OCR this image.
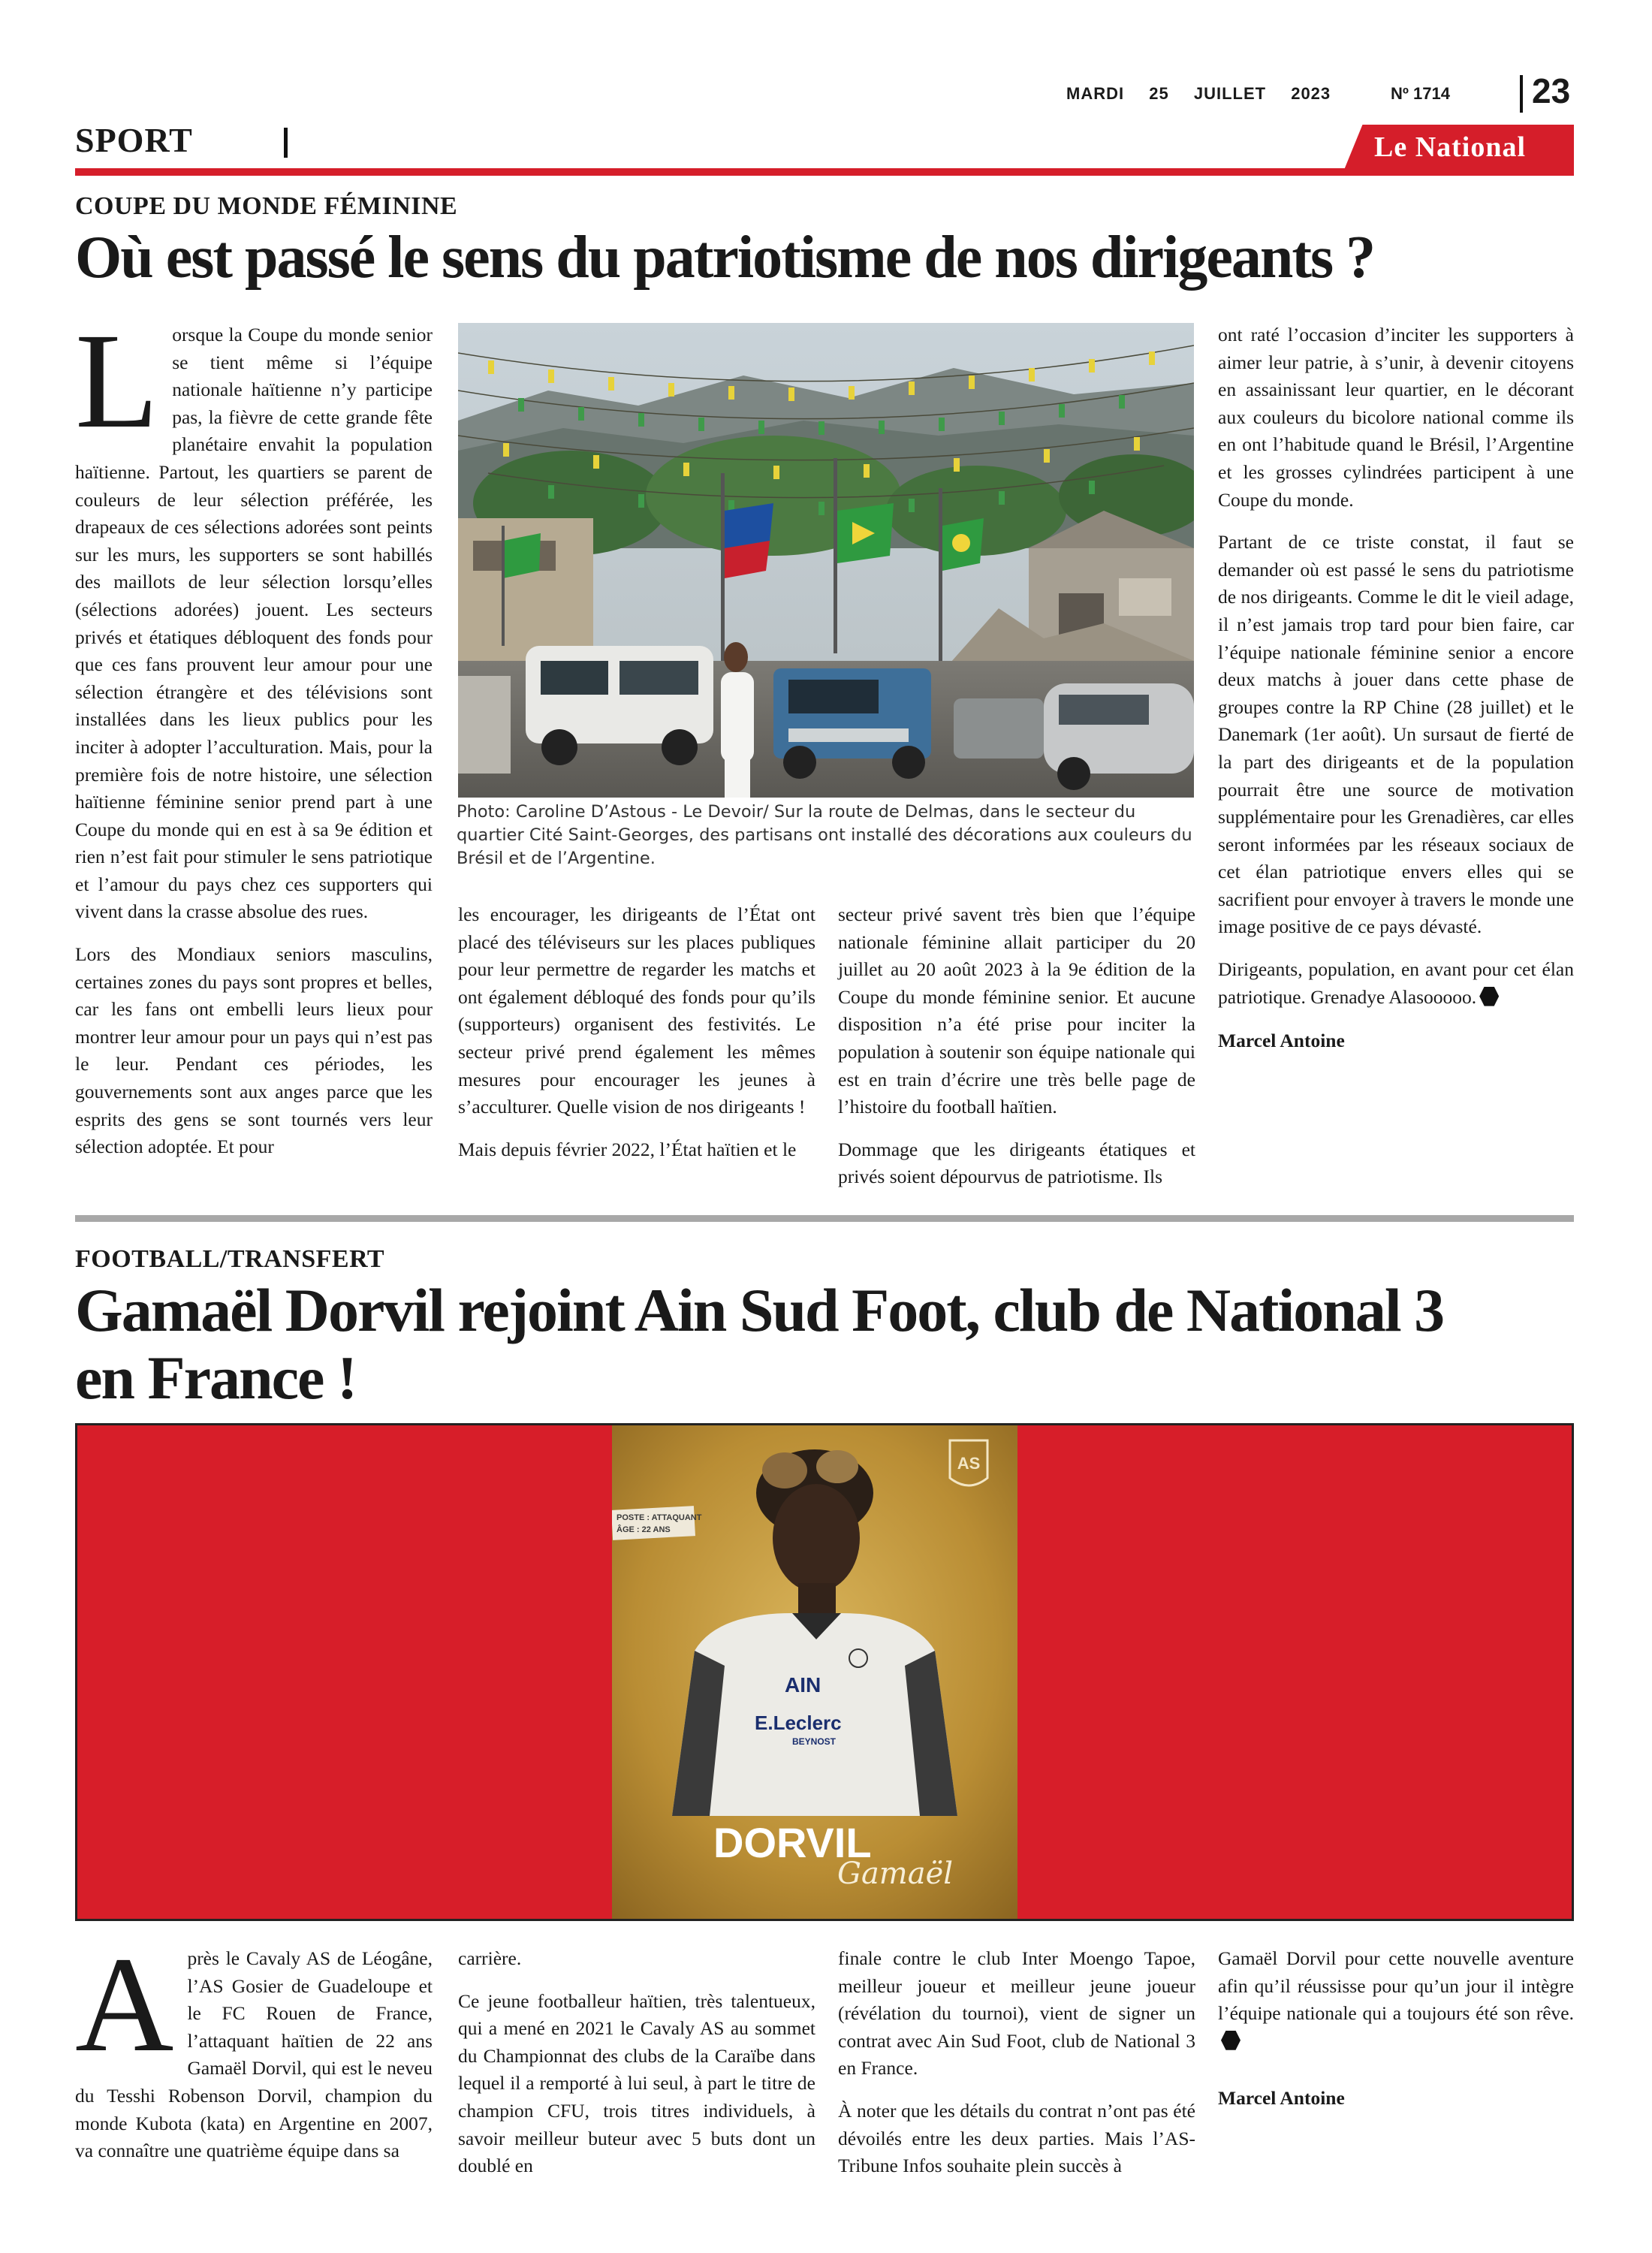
MARDI 25 JUILLET 2023	Nº 1714 23
SPORT	Le National
COUPE DU MONDE FÉMININE
Où est passé le sens du patriotisme de nos dirigeants ?

Lorsque la Coupe du monde senior se tient même si l’équipe nationale haïtienne n’y participe pas, la fièvre de cette grande fête planétaire envahit la population haïtienne. Partout, les quartiers se parent de couleurs de leur sélection préférée, les drapeaux de ces sélections adorées sont peints sur les murs, les supporters se sont habillés des maillots de leur sélection lorsqu’elles (sélections adorées) jouent. Les secteurs privés et étatiques débloquent des fonds pour que ces fans prouvent leur amour pour une sélection étrangère et des télévisions sont installées dans les lieux publics pour les inciter à adopter l’acculturation. Mais, pour la première fois de notre histoire, une sélection haïtienne féminine senior prend part à une Coupe du monde qui en est à sa 9e édition et rien n’est fait pour stimuler le sens patriotique et l’amour du pays chez ces supporters qui vivent dans la crasse absolue des rues.

Lors des Mondiaux seniors masculins, certaines zones du pays sont propres et belles, car les fans ont embelli leurs lieux pour montrer leur amour pour un pays qui n’est pas le leur. Pendant ces périodes, les gouvernements sont aux anges parce que les esprits des gens se sont tournés vers leur sélection adoptée. Et pour

Photo: Caroline D’Astous - Le Devoir/ Sur la route de Delmas, dans le secteur du quartier Cité Saint-Georges, des partisans ont installé des décorations aux couleurs du Brésil et de l’Argentine.

les encourager, les dirigeants de l’État ont placé des téléviseurs sur les places publiques pour leur permettre de regarder les matchs et ont également débloqué des fonds pour qu’ils (supporteurs) organisent des festivités. Le secteur privé prend également les mêmes mesures pour encourager les jeunes à s’acculturer. Quelle vision de nos dirigeants !

Mais depuis février 2022, l’État haïtien et le

secteur privé savent très bien que l’équipe nationale féminine allait participer du 20 juillet au 20 août 2023 à la 9e édition de la Coupe du monde féminine senior. Et aucune disposition n’a été prise pour inciter la population à soutenir son équipe nationale qui est en train d’écrire une très belle page de l’histoire du football haïtien.

Dommage que les dirigeants étatiques et privés soient dépourvus de patriotisme. Ils

ont raté l’occasion d’inciter les supporters à aimer leur patrie, à s’unir, à devenir citoyens en assainissant leur quartier, en le décorant aux couleurs du bicolore national comme ils en ont l’habitude quand le Brésil, l’Argentine et les grosses cylindrées participent à une Coupe du monde.

Partant de ce triste constat, il faut se demander où est passé le sens du patriotisme de nos dirigeants. Comme le dit le vieil adage, il n’est jamais trop tard pour bien faire, car l’équipe nationale féminine senior a encore deux matchs à jouer dans cette phase de groupes contre la RP Chine (28 juillet) et le Danemark (1er août). Un sursaut de fierté de la part des dirigeants et de la population pourrait être une source de motivation supplémentaire pour les Grenadières, car elles seront informées par les réseaux sociaux de cet élan patriotique envers elles qui se sacrifient pour envoyer à travers le monde une image positive de ce pays dévasté.

Dirigeants, population, en avant pour cet élan patriotique. Grenadye Alasooooo.

Marcel Antoine

FOOTBALL/TRANSFERT
Gamaël Dorvil rejoint Ain Sud Foot, club de National 3
en France !
AS
POSTE : ATTAQUANT
ÂGE : 22 ANS
AIN
E.Leclerc
BEYNOST
DORVIL
Gamaël

Après le Cavaly AS de Léogâne, l’AS Gosier de Guadeloupe et le FC Rouen de France, l’attaquant haïtien de 22 ans Gamaël Dorvil, qui est le neveu du Tesshi Robenson Dorvil, champion du monde Kubota (kata) en Argentine en 2007, va connaître une quatrième équipe dans sa

carrière.

Ce jeune footballeur haïtien, très talentueux, qui a mené en 2021 le Cavaly AS au sommet du Championnat des clubs de la Caraïbe dans lequel il a remporté à lui seul, à part le titre de champion CFU, trois titres individuels, à savoir meilleur buteur avec 5 buts dont un doublé en

finale contre le club Inter Moengo Tapoe, meilleur joueur et meilleur jeune joueur (révélation du tournoi), vient de signer un contrat avec Ain Sud Foot, club de National 3 en France.

À noter que les détails du contrat n’ont pas été dévoilés entre les deux parties. Mais l’AS-Tribune Infos souhaite plein succès à

Gamaël Dorvil pour cette nouvelle aventure afin qu’il réussisse pour qu’un jour il intègre l’équipe nationale qui a toujours été son rêve.

Marcel Antoine
